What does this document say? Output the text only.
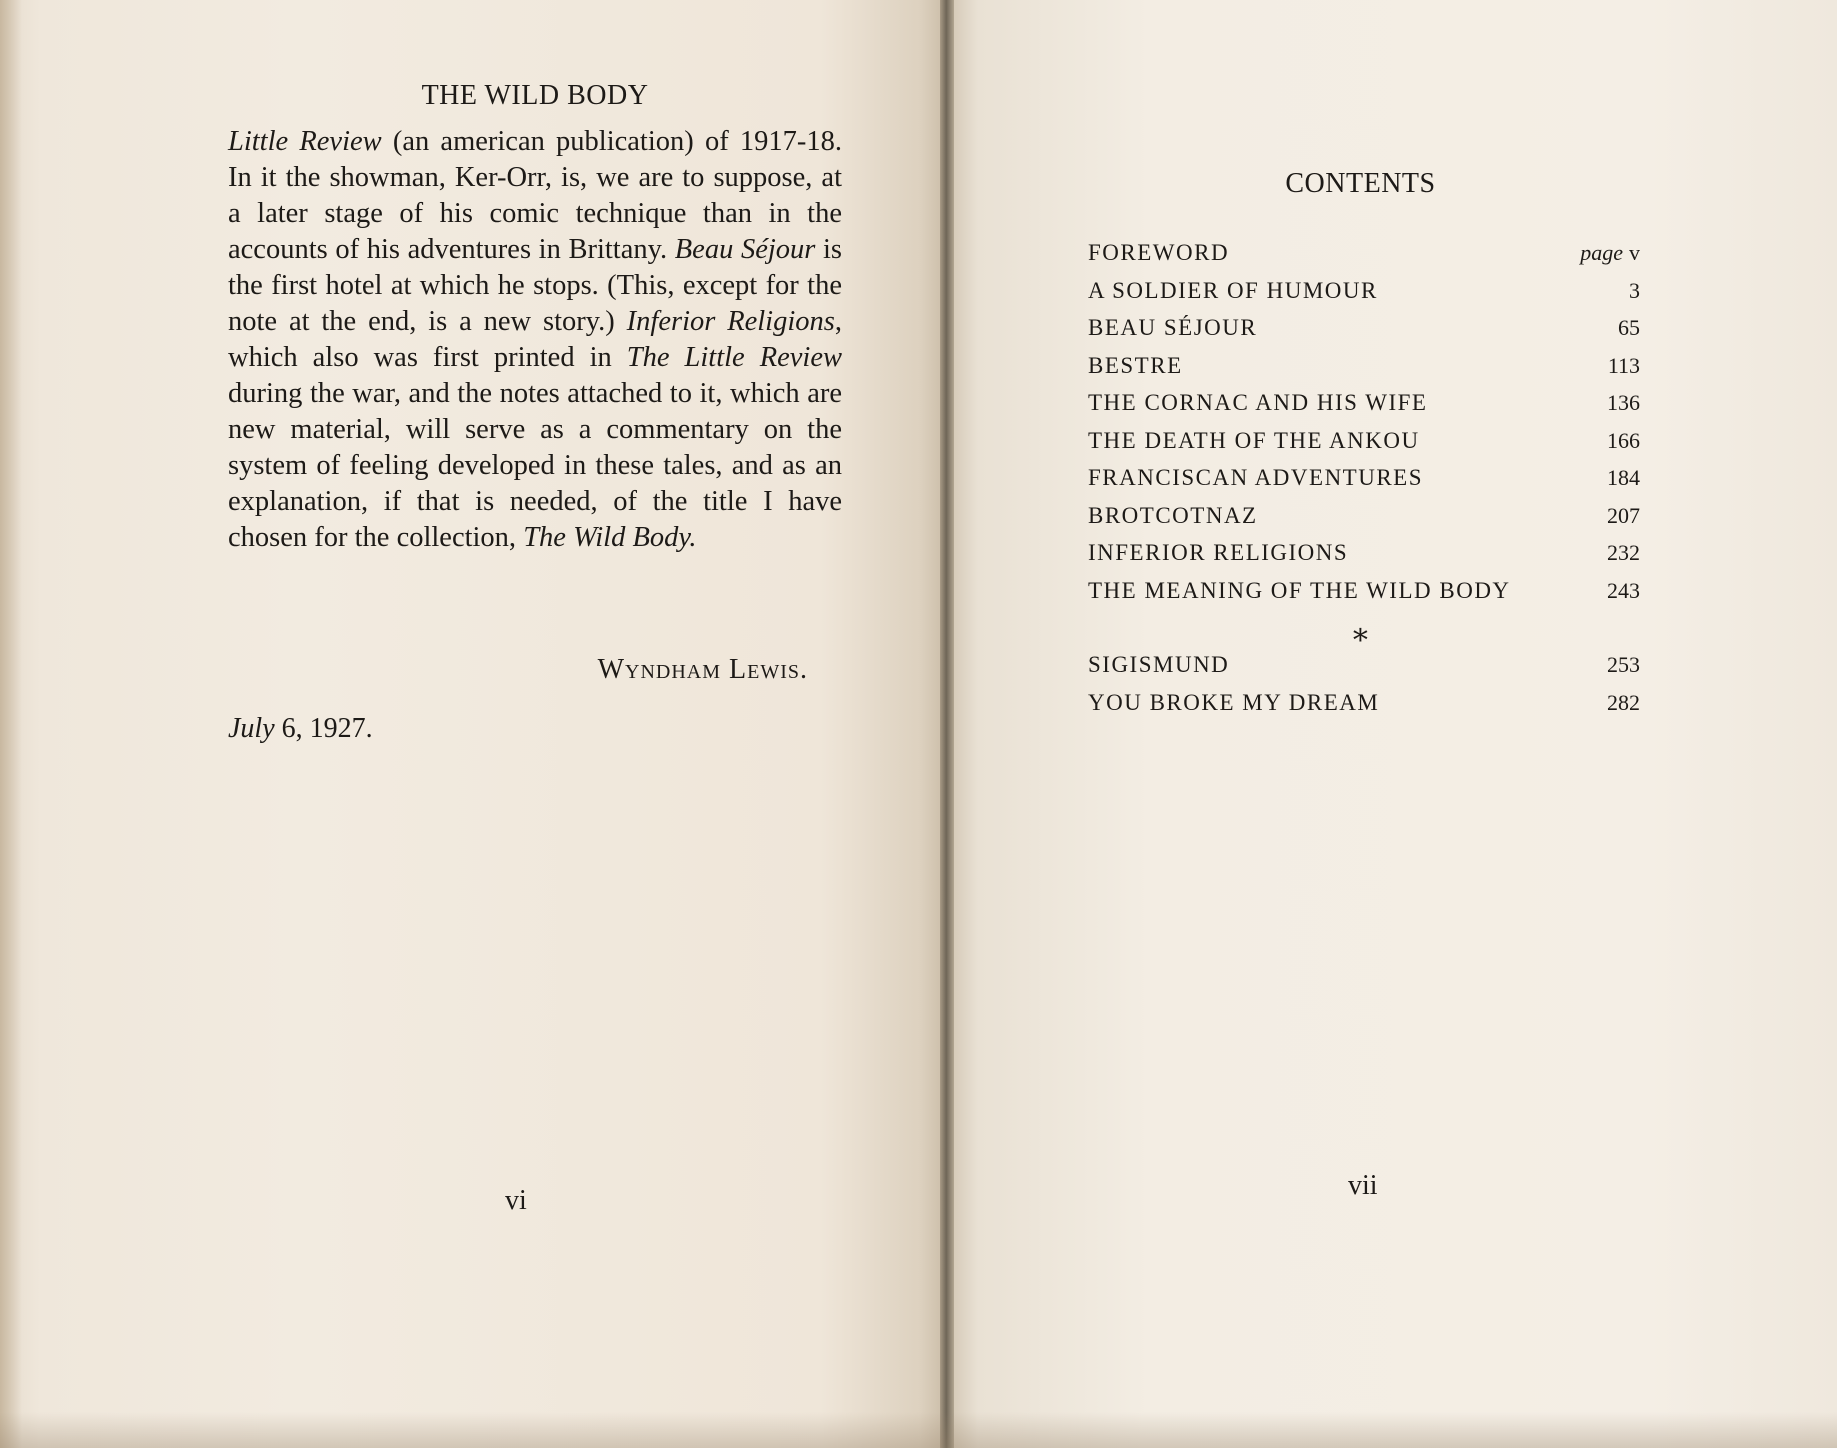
THE WILD BODY
Little Review (an american publication) of 1917-18. In it the showman, Ker-Orr, is, we are to suppose, at a later stage of his comic technique than in the accounts of his adventures in Brittany. Beau Séjour is the first hotel at which he stops. (This, except for the note at the end, is a new story.) Inferior Religions, which also was first printed in The Little Review during the war, and the notes attached to it, which are new material, will serve as a commentary on the system of feeling developed in these tales, and as an explanation, if that is needed, of the title I have chosen for the collection, The Wild Body.
Wyndham Lewis.
July 6, 1927.
vi
CONTENTS
FOREWORD	page v
A SOLDIER OF HUMOUR	3
BEAU SÉJOUR	65
BESTRE	113
THE CORNAC AND HIS WIFE	136
THE DEATH OF THE ANKOU	166
FRANCISCAN ADVENTURES	184
BROTCOTNAZ	207
INFERIOR RELIGIONS	232
THE MEANING OF THE WILD BODY	243
∗
SIGISMUND	253
YOU BROKE MY DREAM	282
vii
